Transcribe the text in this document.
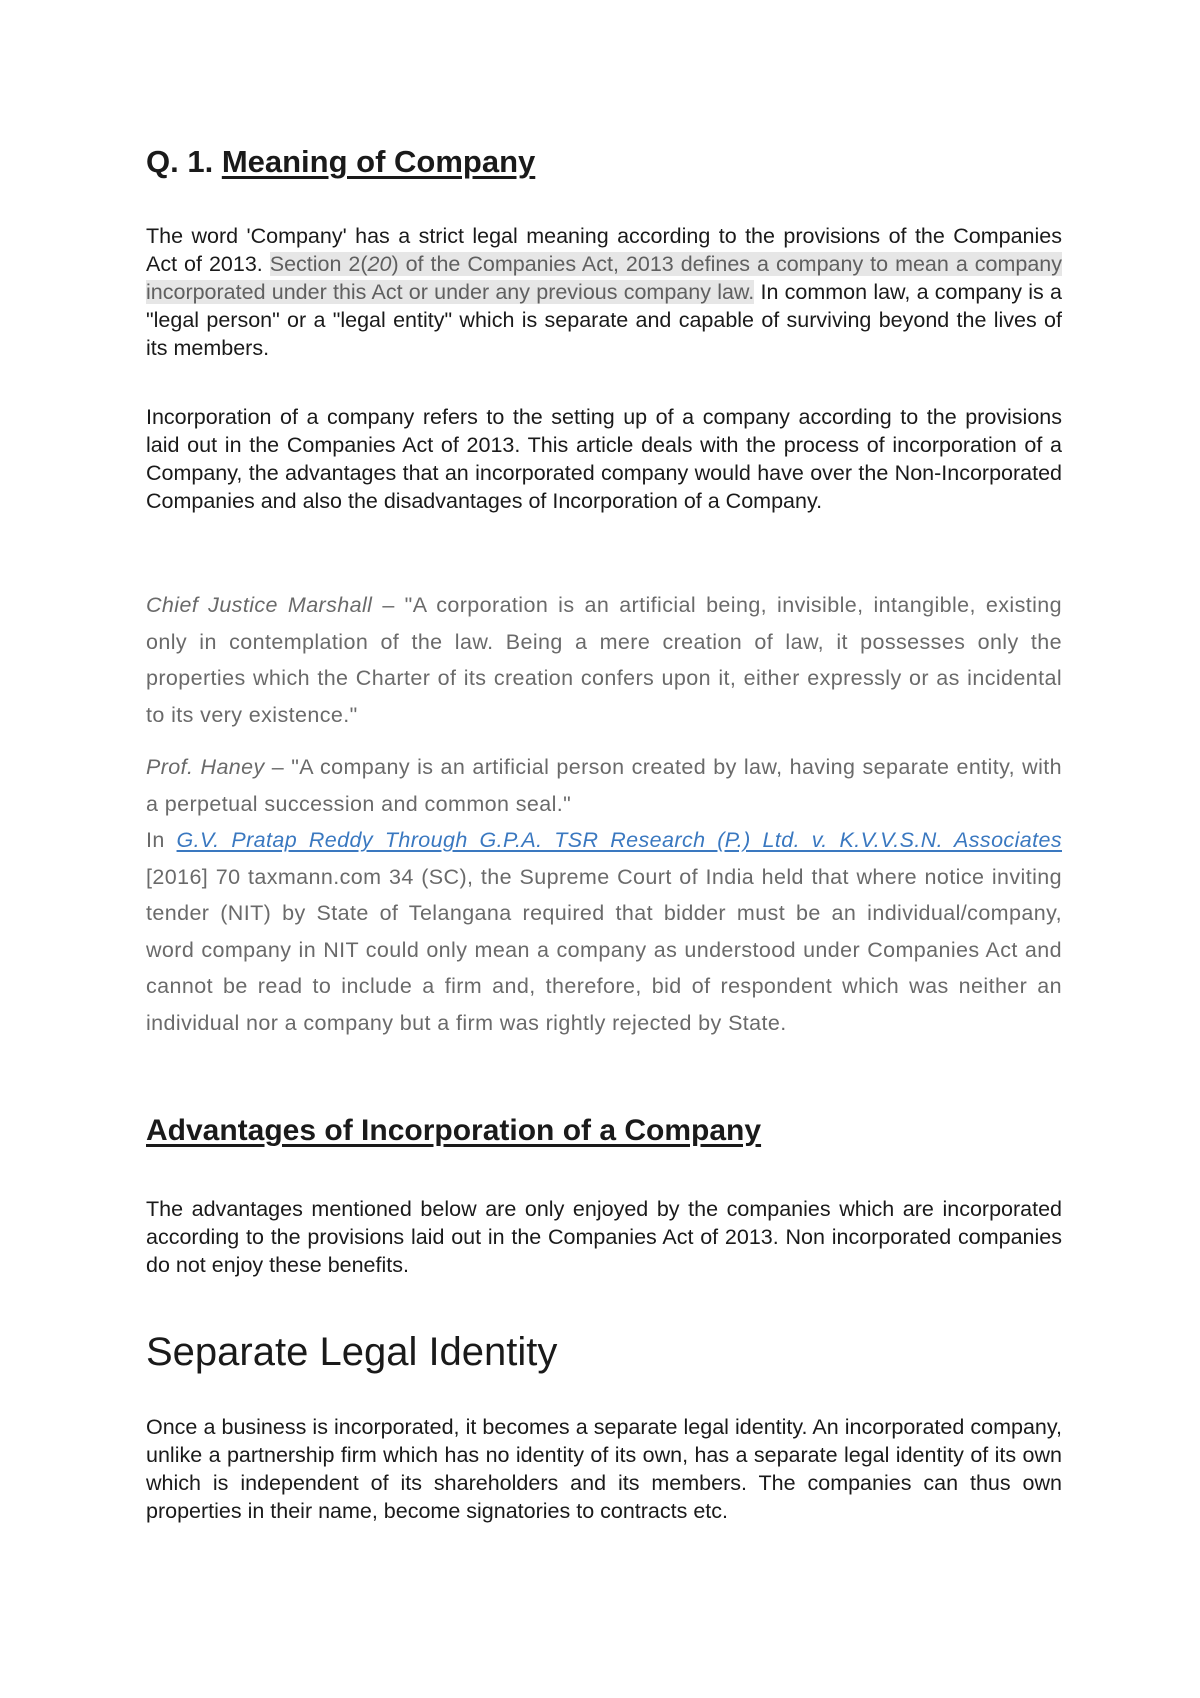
Q. 1. Meaning of Company

The word 'Company' has a strict legal meaning according to the provisions of the Companies Act of 2013. Section 2(20) of the Companies Act, 2013 defines a company to mean a company incorporated under this Act or under any previous company law. In common law, a company is a "legal person" or a "legal entity" which is separate and capable of surviving beyond the lives of its members.

Incorporation of a company refers to the setting up of a company according to the provisions laid out in the Companies Act of 2013. This article deals with the process of incorporation of a Company, the advantages that an incorporated company would have over the Non-Incorporated Companies and also the disadvantages of Incorporation of a Company.

Chief Justice Marshall – "A corporation is an artificial being, invisible, intangible, existing only in contemplation of the law. Being a mere creation of law, it possesses only the properties which the Charter of its creation confers upon it, either expressly or as incidental to its very existence."

Prof. Haney – "A company is an artificial person created by law, having separate entity, with a perpetual succession and common seal."

In G.V. Pratap Reddy Through G.P.A. TSR Research (P.) Ltd. v. K.V.V.S.N. Associates [2016] 70 taxmann.com 34 (SC), the Supreme Court of India held that where notice inviting tender (NIT) by State of Telangana required that bidder must be an individual/company, word company in NIT could only mean a company as understood under Companies Act and cannot be read to include a firm and, therefore, bid of respondent which was neither an individual nor a company but a firm was rightly rejected by State.

Advantages of Incorporation of a Company

The advantages mentioned below are only enjoyed by the companies which are incorporated according to the provisions laid out in the Companies Act of 2013. Non incorporated companies do not enjoy these benefits.

Separate Legal Identity

Once a business is incorporated, it becomes a separate legal identity. An incorporated company, unlike a partnership firm which has no identity of its own, has a separate legal identity of its own which is independent of its shareholders and its members. The companies can thus own properties in their name, become signatories to contracts etc.
